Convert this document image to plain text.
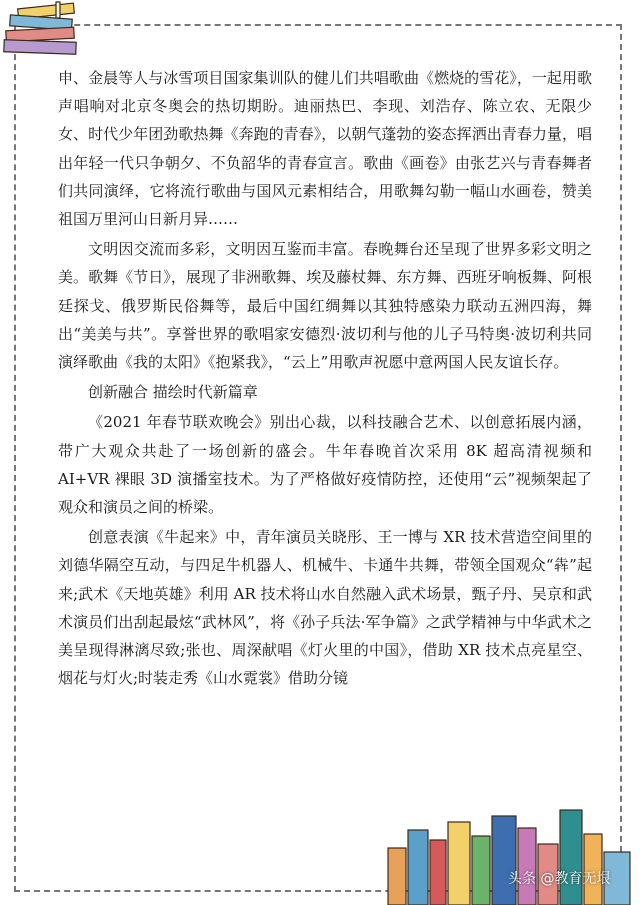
申、金晨等人与冰雪项目国家集训队的健儿们共唱歌曲《燃烧的雪花》，一起用歌声唱响对北京冬奥会的热切期盼。迪丽热巴、李现、刘浩存、陈立农、无限少女、时代少年团劲歌热舞《奔跑的青春》，以朝气蓬勃的姿态挥洒出青春力量，唱出年轻一代只争朝夕、不负韶华的青春宣言。歌曲《画卷》由张艺兴与青春舞者们共同演绎，它将流行歌曲与国风元素相结合，用歌舞勾勒一幅山水画卷，赞美祖国万里河山日新月异……

文明因交流而多彩，文明因互鉴而丰富。春晚舞台还呈现了世界多彩文明之美。歌舞《节日》，展现了非洲歌舞、埃及藤杖舞、东方舞、西班牙响板舞、阿根廷探戈、俄罗斯民俗舞等，最后中国红绸舞以其独特感染力联动五洲四海，舞出“美美与共”。享誉世界的歌唱家安德烈·波切利与他的儿子马特奥·波切利共同演绎歌曲《我的太阳》《抱紧我》，“云上”用歌声祝愿中意两国人民友谊长存。

创新融合 描绘时代新篇章

《2021 年春节联欢晚会》别出心裁，以科技融合艺术、以创意拓展内涵，带广大观众共赴了一场创新的盛会。牛年春晚首次采用 8K 超高清视频和 AI+VR 裸眼 3D 演播室技术。为了严格做好疫情防控，还使用“云”视频架起了观众和演员之间的桥梁。

创意表演《牛起来》中，青年演员关晓彤、王一博与 XR 技术营造空间里的刘德华隔空互动，与四足牛机器人、机械牛、卡通牛共舞，带领全国观众“犇”起来;武术《天地英雄》利用 AR 技术将山水自然融入武术场景，甄子丹、吴京和武术演员们出刮起最炫“武林风”，将《孙子兵法·军争篇》之武学精神与中华武术之美呈现得淋漓尽致;张也、周深献唱《灯火里的中国》，借助 XR 技术点亮星空、烟花与灯火;时装走秀《山水霓裳》借助分镜

头条 @教育无垠
